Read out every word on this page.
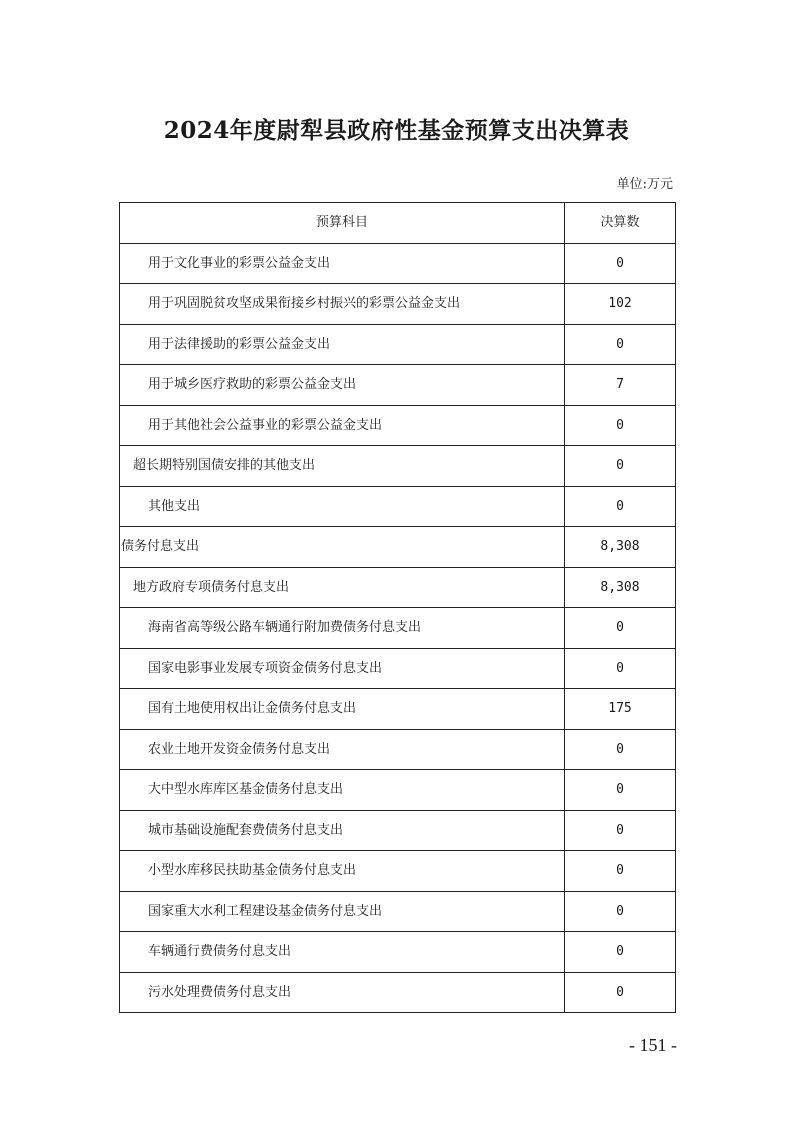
2024年度尉犁县政府性基金预算支出决算表
单位:万元
预算科目	决算数
用于文化事业的彩票公益金支出	0
用于巩固脱贫攻坚成果衔接乡村振兴的彩票公益金支出	102
用于法律援助的彩票公益金支出	0
用于城乡医疗救助的彩票公益金支出	7
用于其他社会公益事业的彩票公益金支出	0
超长期特别国债安排的其他支出	0
其他支出	0
债务付息支出	8,308
地方政府专项债务付息支出	8,308
海南省高等级公路车辆通行附加费债务付息支出	0
国家电影事业发展专项资金债务付息支出	0
国有土地使用权出让金债务付息支出	175
农业土地开发资金债务付息支出	0
大中型水库库区基金债务付息支出	0
城市基础设施配套费债务付息支出	0
小型水库移民扶助基金债务付息支出	0
国家重大水利工程建设基金债务付息支出	0
车辆通行费债务付息支出	0
污水处理费债务付息支出	0
- 151 -
